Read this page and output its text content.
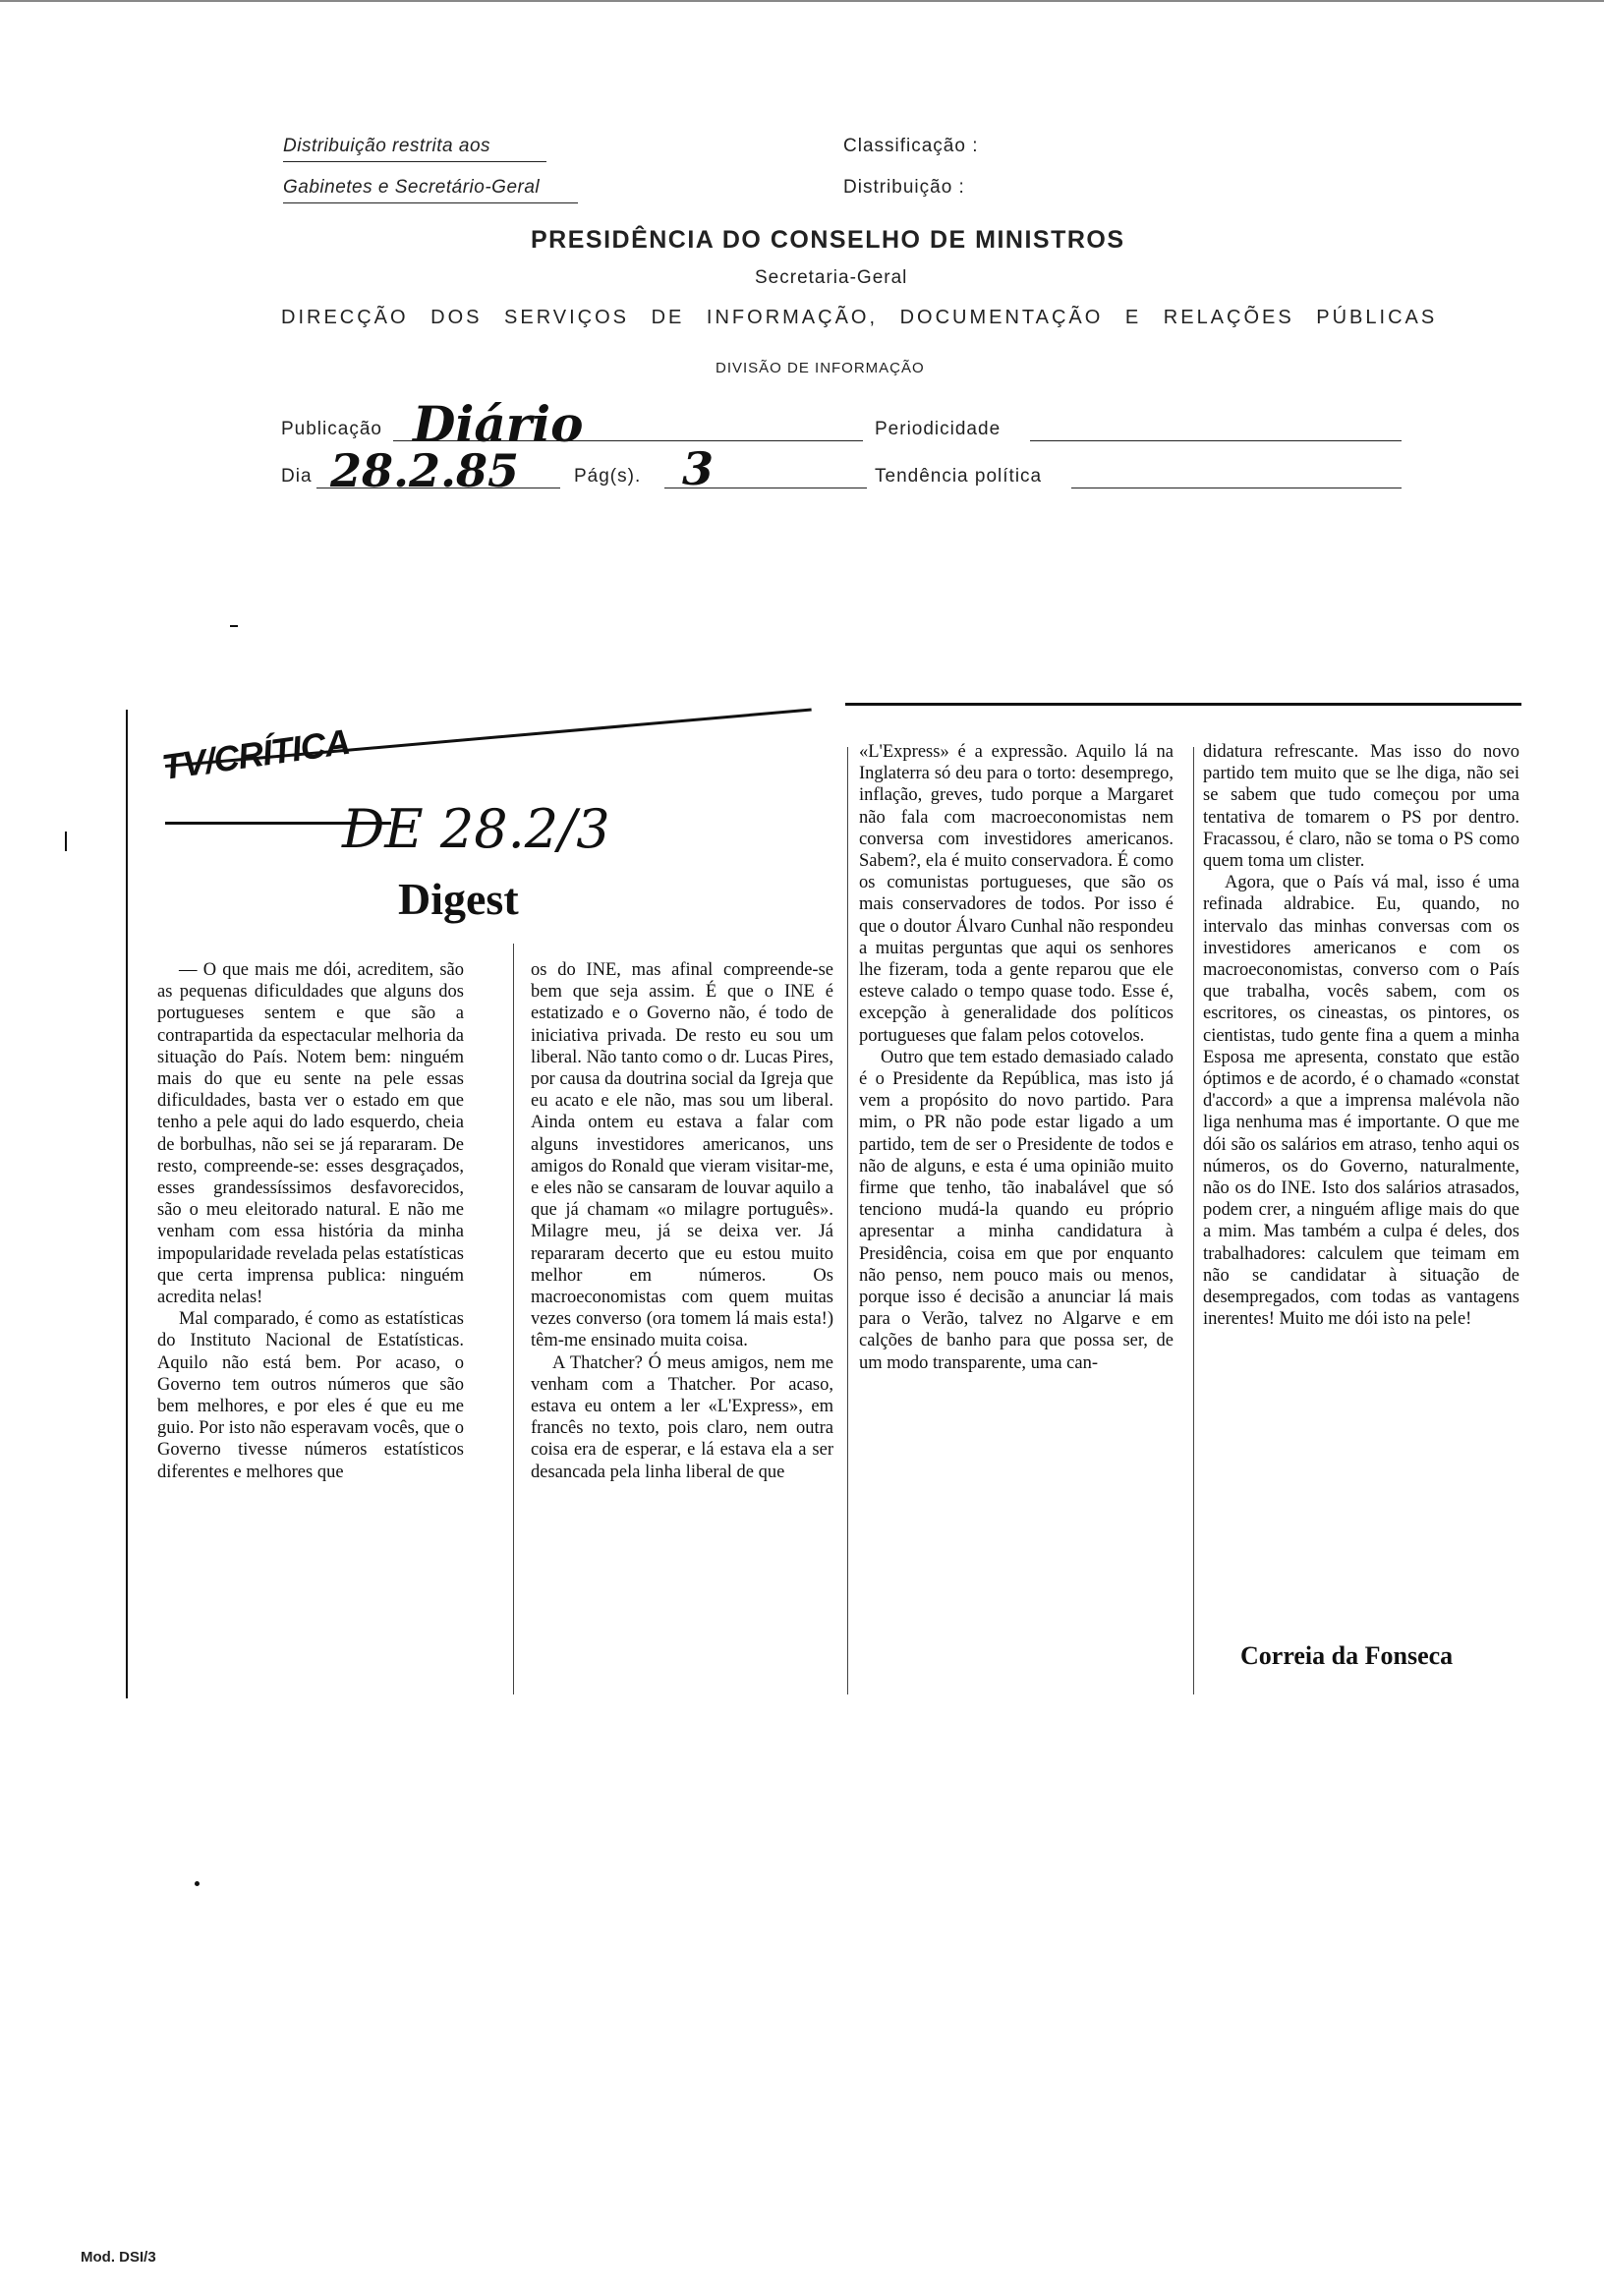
Distribuição restrita aos
Gabinetes e Secretário-Geral
Classificação :
Distribuição :
PRESIDÊNCIA DO CONSELHO DE MINISTROS
Secretaria-Geral
DIRECÇÃO DOS SERVIÇOS DE INFORMAÇÃO, DOCUMENTAÇÃO E RELAÇÕES PÚBLICAS
DIVISÃO DE INFORMAÇÃO
Publicação Diário	Periodicidade
Dia 28.2.85	Pág(s). 3	Tendência política
TV/CRÍTICA
DE 28.2/3
Digest

— O que mais me dói, acreditem, são as pequenas dificuldades que alguns dos portugueses sentem e que são a contrapartida da espectacular melhoria da situação do País. Notem bem: ninguém mais do que eu sente na pele essas dificuldades, basta ver o estado em que tenho a pele aqui do lado esquerdo, cheia de borbulhas, não sei se já repararam. De resto, compreende-se: esses desgraçados, esses grandessíssimos desfavorecidos, são o meu eleitorado natural. E não me venham com essa história da minha impopularidade revelada pelas estatísticas que certa imprensa publica: ninguém acredita nelas!

Mal comparado, é como as estatísticas do Instituto Nacional de Estatísticas. Aquilo não está bem. Por acaso, o Governo tem outros números que são bem melhores, e por eles é que eu me guio. Por isto não esperavam vocês, que o Governo tivesse números estatísticos diferentes e melhores que

os do INE, mas afinal compreende-se bem que seja assim. É que o INE é estatizado e o Governo não, é todo de iniciativa privada. De resto eu sou um liberal. Não tanto como o dr. Lucas Pires, por causa da doutrina social da Igreja que eu acato e ele não, mas sou um liberal. Ainda ontem eu estava a falar com alguns investidores americanos, uns amigos do Ronald que vieram visitar-me, e eles não se cansaram de louvar aquilo a que já chamam «o milagre português». Milagre meu, já se deixa ver. Já repararam decerto que eu estou muito melhor em números. Os macroeconomistas com quem muitas vezes converso (ora tomem lá mais esta!) têm-me ensinado muita coisa.

A Thatcher? Ó meus amigos, nem me venham com a Thatcher. Por acaso, estava eu ontem a ler «L'Express», em francês no texto, pois claro, nem outra coisa era de esperar, e lá estava ela a ser desancada pela linha liberal de que

«L'Express» é a expressão. Aquilo lá na Inglaterra só deu para o torto: desemprego, inflação, greves, tudo porque a Margaret não fala com macroeconomistas nem conversa com investidores americanos. Sabem?, ela é muito conservadora. É como os comunistas portugueses, que são os mais conservadores de todos. Por isso é que o doutor Álvaro Cunhal não respondeu a muitas perguntas que aqui os senhores lhe fizeram, toda a gente reparou que ele esteve calado o tempo quase todo. Esse é, excepção à generalidade dos políticos portugueses que falam pelos cotovelos.

Outro que tem estado demasiado calado é o Presidente da República, mas isto já vem a propósito do novo partido. Para mim, o PR não pode estar ligado a um partido, tem de ser o Presidente de todos e não de alguns, e esta é uma opinião muito firme que tenho, tão inabalável que só tenciono mudá-la quando eu próprio apresentar a minha candidatura à Presidência, coisa em que por enquanto não penso, nem pouco mais ou menos, porque isso é decisão a anunciar lá mais para o Verão, talvez no Algarve e em calções de banho para que possa ser, de um modo transparente, uma can-

didatura refrescante. Mas isso do novo partido tem muito que se lhe diga, não sei se sabem que tudo começou por uma tentativa de tomarem o PS por dentro. Fracassou, é claro, não se toma o PS como quem toma um clister.

Agora, que o País vá mal, isso é uma refinada aldrabice. Eu, quando, no intervalo das minhas conversas com os investidores americanos e com os macroeconomistas, converso com o País que trabalha, vocês sabem, com os escritores, os cineastas, os pintores, os cientistas, tudo gente fina a quem a minha Esposa me apresenta, constato que estão óptimos e de acordo, é o chamado «constat d'accord» a que a imprensa malévola não liga nenhuma mas é importante. O que me dói são os salários em atraso, tenho aqui os números, os do Governo, naturalmente, não os do INE. Isto dos salários atrasados, podem crer, a ninguém aflige mais do que a mim. Mas também a culpa é deles, dos trabalhadores: calculem que teimam em não se candidatar à situação de desempregados, com todas as vantagens inerentes! Muito me dói isto na pele!

Correia da Fonseca
Mod. DSI/3
